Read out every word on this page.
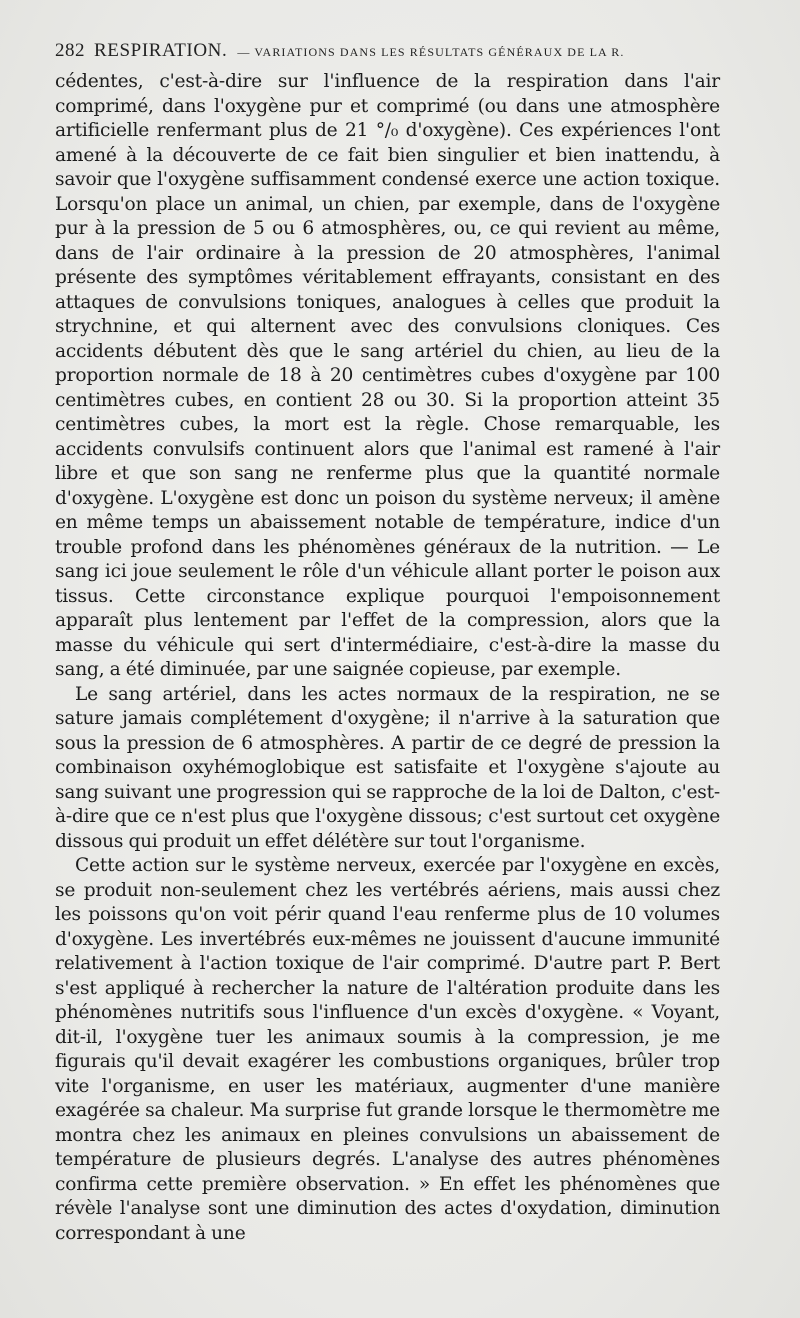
282 RESPIRATION. — VARIATIONS DANS LES RÉSULTATS GÉNÉRAUX DE LA R.

cédentes, c'est-à-dire sur l'influence de la respiration dans l'air comprimé, dans l'oxygène pur et comprimé (ou dans une atmosphère artificielle renfermant plus de 21 °/₀ d'oxygène). Ces expériences l'ont amené à la découverte de ce fait bien singulier et bien inattendu, à savoir que l'oxygène suffisamment condensé exerce une action toxique. Lorsqu'on place un animal, un chien, par exemple, dans de l'oxygène pur à la pression de 5 ou 6 atmosphères, ou, ce qui revient au même, dans de l'air ordinaire à la pression de 20 atmosphères, l'animal présente des symptômes véritablement effrayants, consistant en des attaques de convulsions toniques, analogues à celles que produit la strychnine, et qui alternent avec des convulsions cloniques. Ces accidents débutent dès que le sang artériel du chien, au lieu de la proportion normale de 18 à 20 centimètres cubes d'oxygène par 100 centimètres cubes, en contient 28 ou 30. Si la proportion atteint 35 centimètres cubes, la mort est la règle. Chose remarquable, les accidents convulsifs continuent alors que l'animal est ramené à l'air libre et que son sang ne renferme plus que la quantité normale d'oxygène. L'oxygène est donc un poison du système nerveux; il amène en même temps un abaissement notable de température, indice d'un trouble profond dans les phénomènes généraux de la nutrition. — Le sang ici joue seulement le rôle d'un véhicule allant porter le poison aux tissus. Cette circonstance explique pourquoi l'empoisonnement apparaît plus lentement par l'effet de la compression, alors que la masse du véhicule qui sert d'intermédiaire, c'est-à-dire la masse du sang, a été diminuée, par une saignée copieuse, par exemple.

Le sang artériel, dans les actes normaux de la respiration, ne se sature jamais complétement d'oxygène; il n'arrive à la saturation que sous la pression de 6 atmosphères. A partir de ce degré de pression la combinaison oxyhémoglobique est satisfaite et l'oxygène s'ajoute au sang suivant une progression qui se rapproche de la loi de Dalton, c'est-à-dire que ce n'est plus que l'oxygène dissous; c'est surtout cet oxygène dissous qui produit un effet délétère sur tout l'organisme.

Cette action sur le système nerveux, exercée par l'oxygène en excès, se produit non-seulement chez les vertébrés aériens, mais aussi chez les poissons qu'on voit périr quand l'eau renferme plus de 10 volumes d'oxygène. Les invertébrés eux-mêmes ne jouissent d'aucune immunité relativement à l'action toxique de l'air comprimé. D'autre part P. Bert s'est appliqué à rechercher la nature de l'altération produite dans les phénomènes nutritifs sous l'influence d'un excès d'oxygène. « Voyant, dit-il, l'oxygène tuer les animaux soumis à la compression, je me figurais qu'il devait exagérer les combustions organiques, brûler trop vite l'organisme, en user les matériaux, augmenter d'une manière exagérée sa chaleur. Ma surprise fut grande lorsque le thermomètre me montra chez les animaux en pleines convulsions un abaissement de température de plusieurs degrés. L'analyse des autres phénomènes confirma cette première observation. » En effet les phénomènes que révèle l'analyse sont une diminution des actes d'oxydation, diminution correspondant à une
